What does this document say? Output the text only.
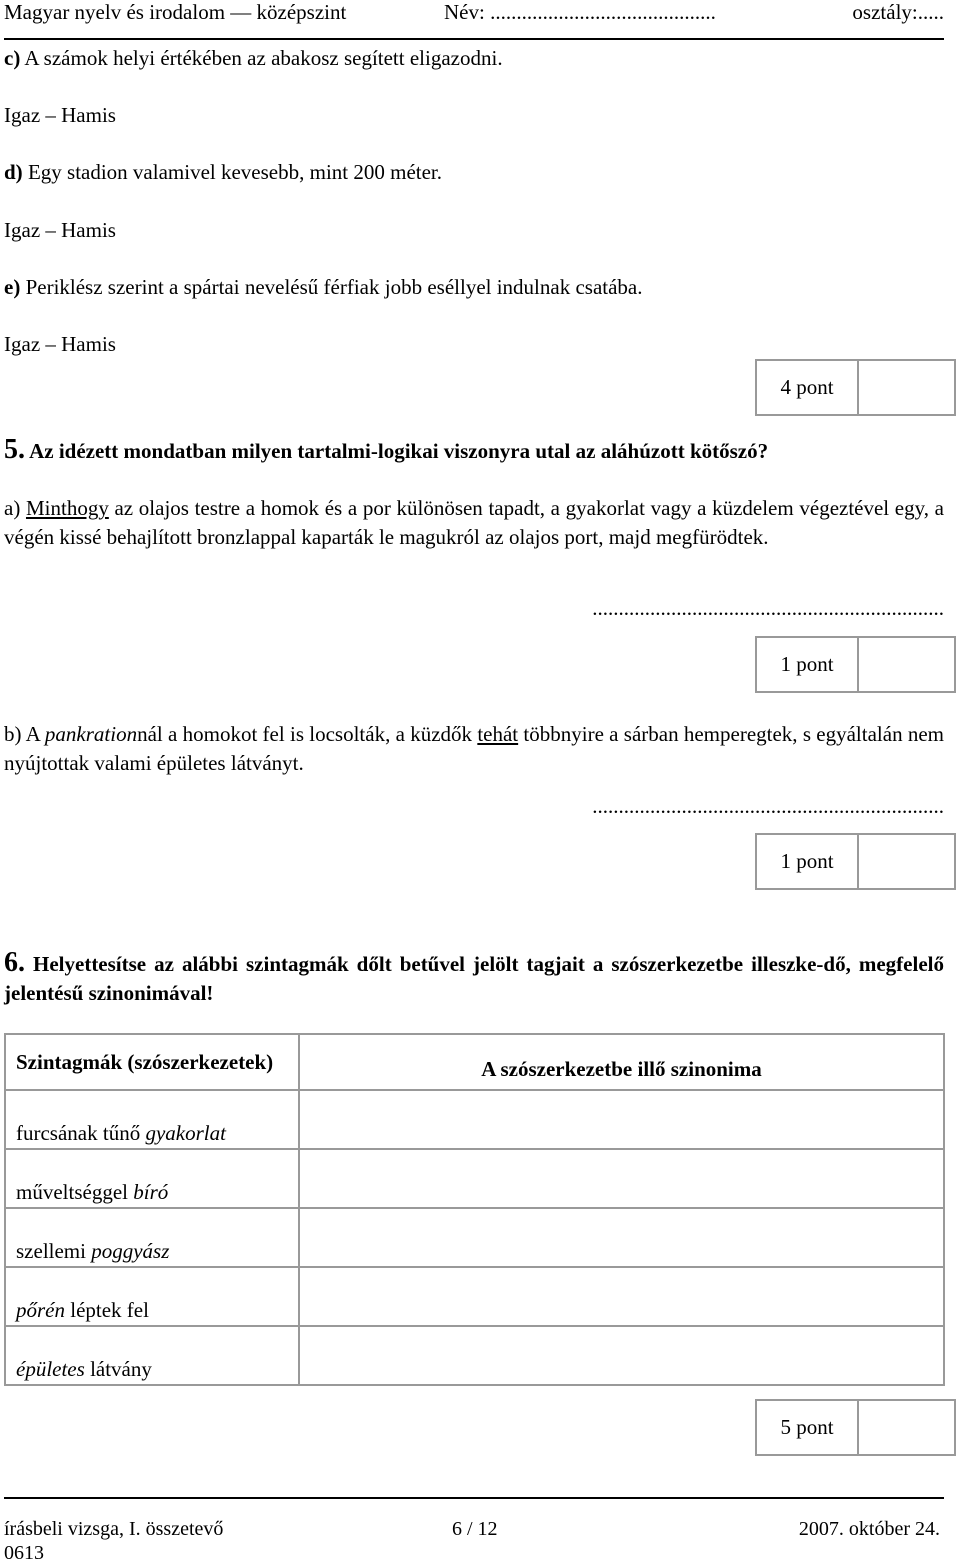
Magyar nyelv és irodalom — középszint	Név: ...........................................	osztály:.....
c) A számok helyi értékében az abakosz segített eligazodni.
Igaz – Hamis
d) Egy stadion valamivel kevesebb, mint 200 méter.
Igaz – Hamis
e) Periklész szerint a spártai nevelésű férfiak jobb eséllyel indulnak csatába.
Igaz – Hamis
4 pont
5. Az idézett mondatban milyen tartalmi-logikai viszonyra utal az aláhúzott kötőszó?
a) Minthogy az olajos testre a homok és a por különösen tapadt, a gyakorlat vagy a küzdelem végeztével egy, a végén kissé behajlított bronzlappal kaparták le magukról az olajos port, majd megfürödtek.
...................................................................
1 pont
b) A pankrationnál a homokot fel is locsolták, a küzdők tehát többnyire a sárban hemperegtek, s egyáltalán nem nyújtottak valami épületes látványt.
...................................................................
1 pont
6. Helyettesítse az alábbi szintagmák dőlt betűvel jelölt tagjait a szószerkezetbe illeszke-dő, megfelelő jelentésű szinonimával!
Szintagmák (szószerkezetek)	A szószerkezetbe illő szinonima
furcsának tűnő gyakorlat	
műveltséggel bíró	
szellemi poggyász	
pőrén léptek fel	
épületes látvány	
5 pont
írásbeli vizsga, I. összetevő	6 / 12	2007. október 24.
0613
